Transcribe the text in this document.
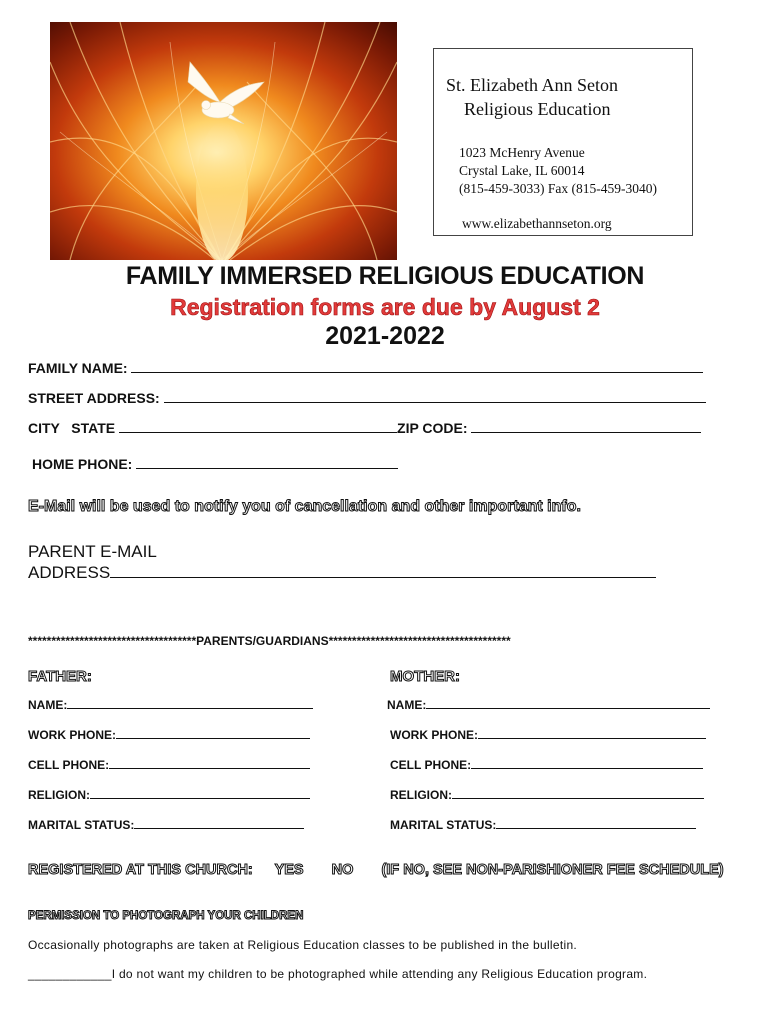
St. Elizabeth Ann Seton
Religious Education
1023 McHenry Avenue
Crystal Lake, IL 60014
(815-459-3033) Fax (815-459-3040)
www.elizabethannseton.org
FAMILY IMMERSED RELIGIOUS EDUCATION
Registration forms are due by August 2
2021-2022
FAMILY NAME:
STREET ADDRESS:
CITY   STATE	ZIP CODE:
HOME PHONE:
E-Mail will be used to notify you of cancellation and other important info.
PARENT E-MAIL
ADDRESS
************************************PARENTS/GUARDIANS***************************************
FATHER:
NAME:
WORK PHONE:
CELL PHONE:
RELIGION:
MARITAL STATUS:
MOTHER:
NAME:
WORK PHONE:
CELL PHONE:
RELIGION:
MARITAL STATUS:
REGISTERED AT THIS CHURCH: YES NO (IF NO, SEE NON-PARISHIONER FEE SCHEDULE)
PERMISSION TO PHOTOGRAPH YOUR CHILDREN
Occasionally photographs are taken at Religious Education classes to be published in the bulletin.
____________I do not want my children to be photographed while attending any Religious Education program.
